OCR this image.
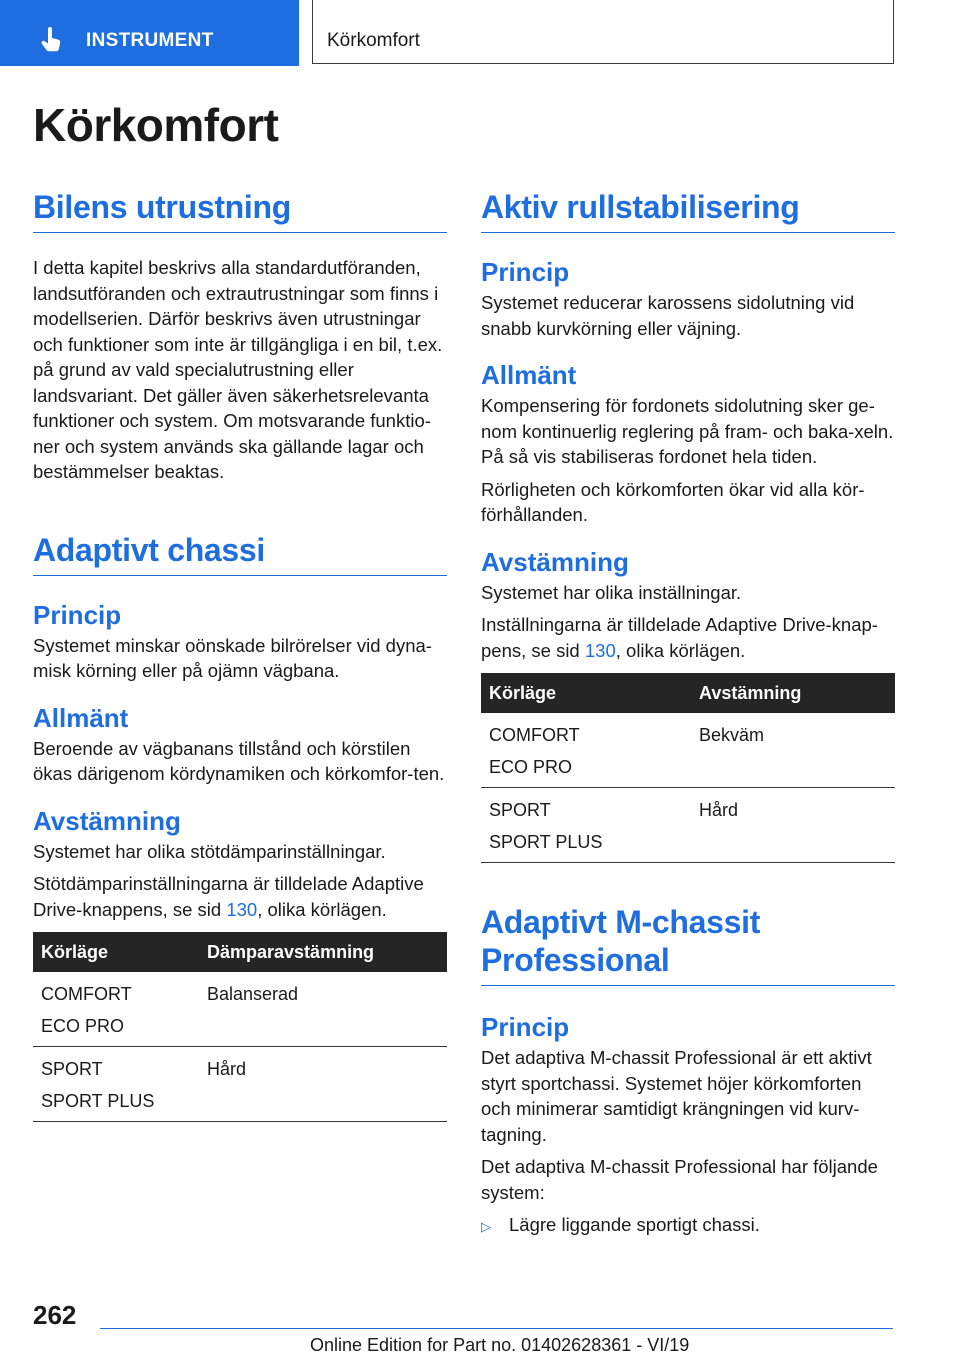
INSTRUMENT	Körkomfort
Körkomfort
Bilens utrustning

I detta kapitel beskrivs alla standardutföranden, landsutföranden och extrautrustningar som finns i modellserien. Därför beskrivs även utrustningar och funktioner som inte är tillgängliga i en bil, t.ex. på grund av vald specialutrustning eller landsvariant. Det gäller även säkerhetsrelevanta funktioner och system. Om motsvarande funktio-ner och system används ska gällande lagar och bestämmelser beaktas.

Adaptivt chassi
Princip

Systemet minskar oönskade bilrörelser vid dyna-misk körning eller på ojämn vägbana.

Allmänt

Beroende av vägbanans tillstånd och körstilen ökas därigenom kördynamiken och körkomfor-ten.

Avstämning

Systemet har olika stötdämparinställningar.

Stötdämparinställningarna är tilldelade Adaptive Drive-knappens, se sid 130, olika körlägen.

Körläge	Dämparavstämning

COMFORT
ECO PRO	Balanserad

SPORT
SPORT PLUS	Hård
Aktiv rullstabilisering
Princip

Systemet reducerar karossens sidolutning vid snabb kurvkörning eller väjning.

Allmänt

Kompensering för fordonets sidolutning sker ge-nom kontinuerlig reglering på fram- och baka-xeln. På så vis stabiliseras fordonet hela tiden.

Rörligheten och körkomforten ökar vid alla kör-förhållanden.

Avstämning

Systemet har olika inställningar.

Inställningarna är tilldelade Adaptive Drive-knap-pens, se sid 130, olika körlägen.

Körläge	Avstämning

COMFORT
ECO PRO	Bekväm

SPORT
SPORT PLUS	Hård
Adaptivt M-chassit
Professional
Princip

Det adaptiva M-chassit Professional är ett aktivt styrt sportchassi. Systemet höjer körkomforten och minimerar samtidigt krängningen vid kurv-tagning.

Det adaptiva M-chassit Professional har följande system:

▷ Lägre liggande sportigt chassi.
262
Online Edition for Part no. 01402628361 - VI/19
